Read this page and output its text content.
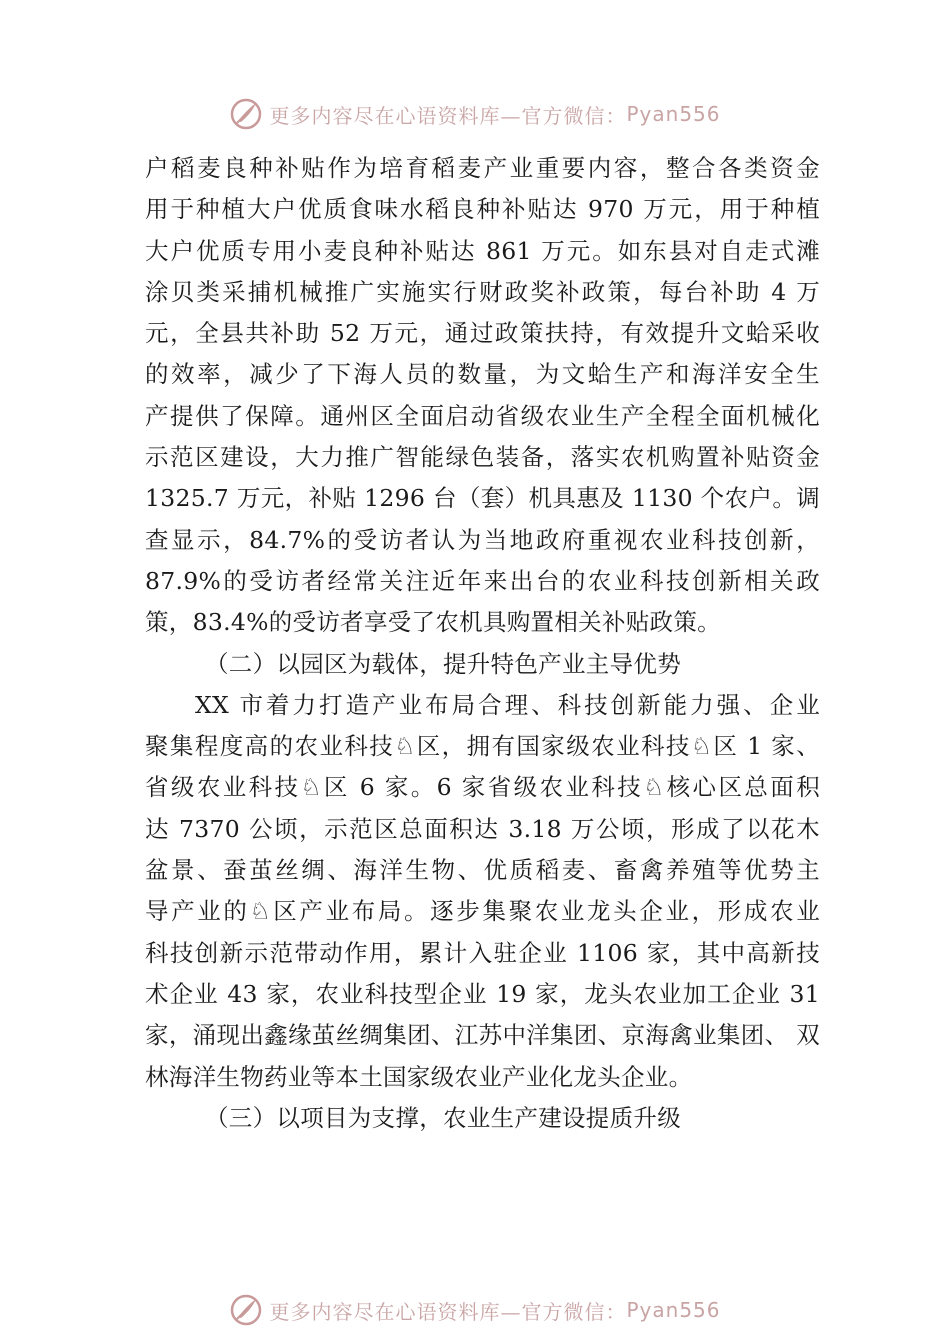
更多内容尽在心语资料库—官方微信： Pyan556

户稻麦良种补贴作为培育稻麦产业重要内容，整合各类资金
用于种植大户优质食味水稻良种补贴达 970 万元，用于种植
大户优质专用小麦良种补贴达 861 万元。如东县对自走式滩
涂贝类采捕机械推广实施实行财政奖补政策，每台补助 4 万
元，全县共补助 52 万元，通过政策扶持，有效提升文蛤采收
的效率，减少了下海人员的数量，为文蛤生产和海洋安全生
产提供了保障。通州区全面启动省级农业生产全程全面机械化
示范区建设，大力推广智能绿色装备，落实农机购置补贴资金
1325.7 万元，补贴 1296 台（套）机具惠及 1130 个农户。调
查显示，84.7%的受访者认为当地政府重视农业科技创新，
87.9%的受访者经常关注近年来出台的农业科技创新相关政
策，83.4%的受访者享受了农机具购置相关补贴政策。

（二）以园区为载体，提升特色产业主导优势

XX 市着力打造产业布局合理、科技创新能力强、企业
聚集程度高的农业科技♘区，拥有国家级农业科技♘区 1 家、
省级农业科技♘区 6 家。6 家省级农业科技♘核心区总面积
达 7370 公顷，示范区总面积达 3.18 万公顷，形成了以花木
盆景、蚕茧丝绸、海洋生物、优质稻麦、畜禽养殖等优势主
导产业的♘区产业布局。逐步集聚农业龙头企业，形成农业
科技创新示范带动作用，累计入驻企业 1106 家，其中高新技
术企业 43 家，农业科技型企业 19 家，龙头农业加工企业 31
家，涌现出鑫缘茧丝绸集团、江苏中洋集团、京海禽业集团、 双
林海洋生物药业等本土国家级农业产业化龙头企业。

（三）以项目为支撑，农业生产建设提质升级

更多内容尽在心语资料库—官方微信： Pyan556
